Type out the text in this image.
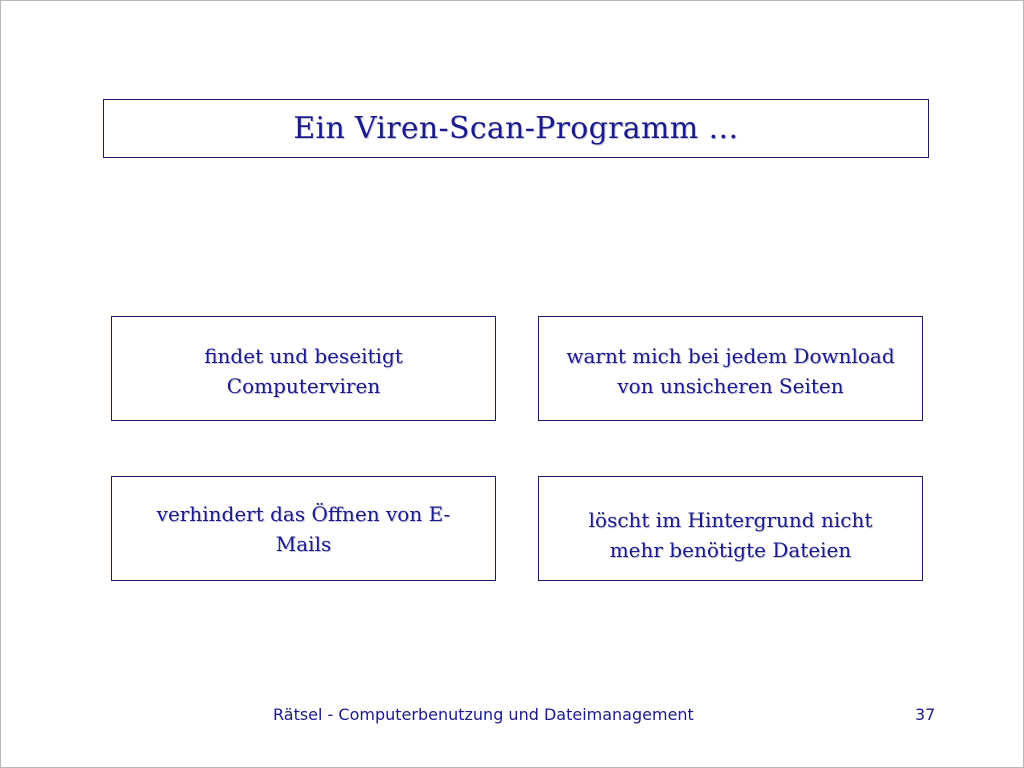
Ein Viren-Scan-Programm …
findet und beseitigt Computerviren
warnt mich bei jedem Download von unsicheren Seiten
verhindert das Öffnen von E-Mails
löscht im Hintergrund nicht mehr benötigte Dateien
Rätsel - Computerbenutzung und Dateimanagement	37
